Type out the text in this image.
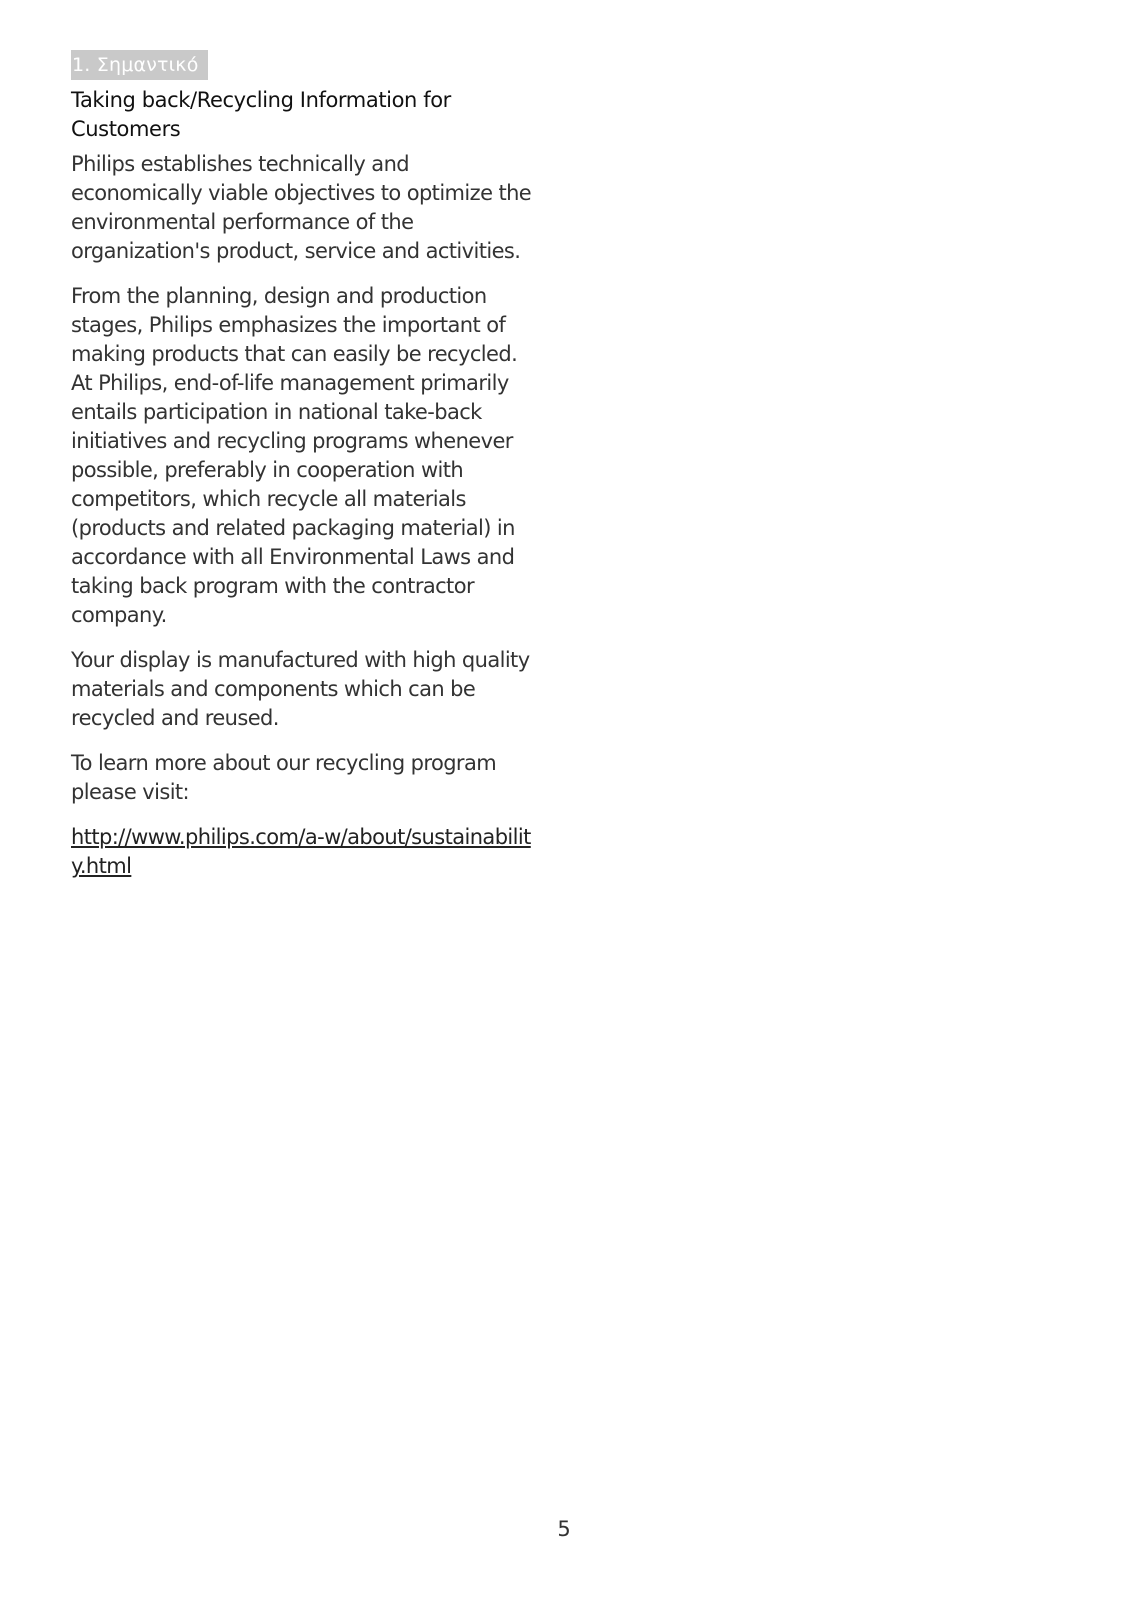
1. Σημαντικό
Taking back/Recycling Information for Customers

Philips establishes technically and economically viable objectives to optimize the environmental performance of the organization's product, service and activities.

From the planning, design and production stages, Philips emphasizes the important of making products that can easily be recycled. At Philips, end-of-life management primarily entails participation in national take-back initiatives and recycling programs whenever possible, preferably in cooperation with competitors, which recycle all materials (products and related packaging material) in accordance with all Environmental Laws and taking back program with the contractor company.

Your display is manufactured with high quality materials and components which can be recycled and reused.

To learn more about our recycling program please visit:

http://www.philips.com/a-w/about/sustainability.html
5
